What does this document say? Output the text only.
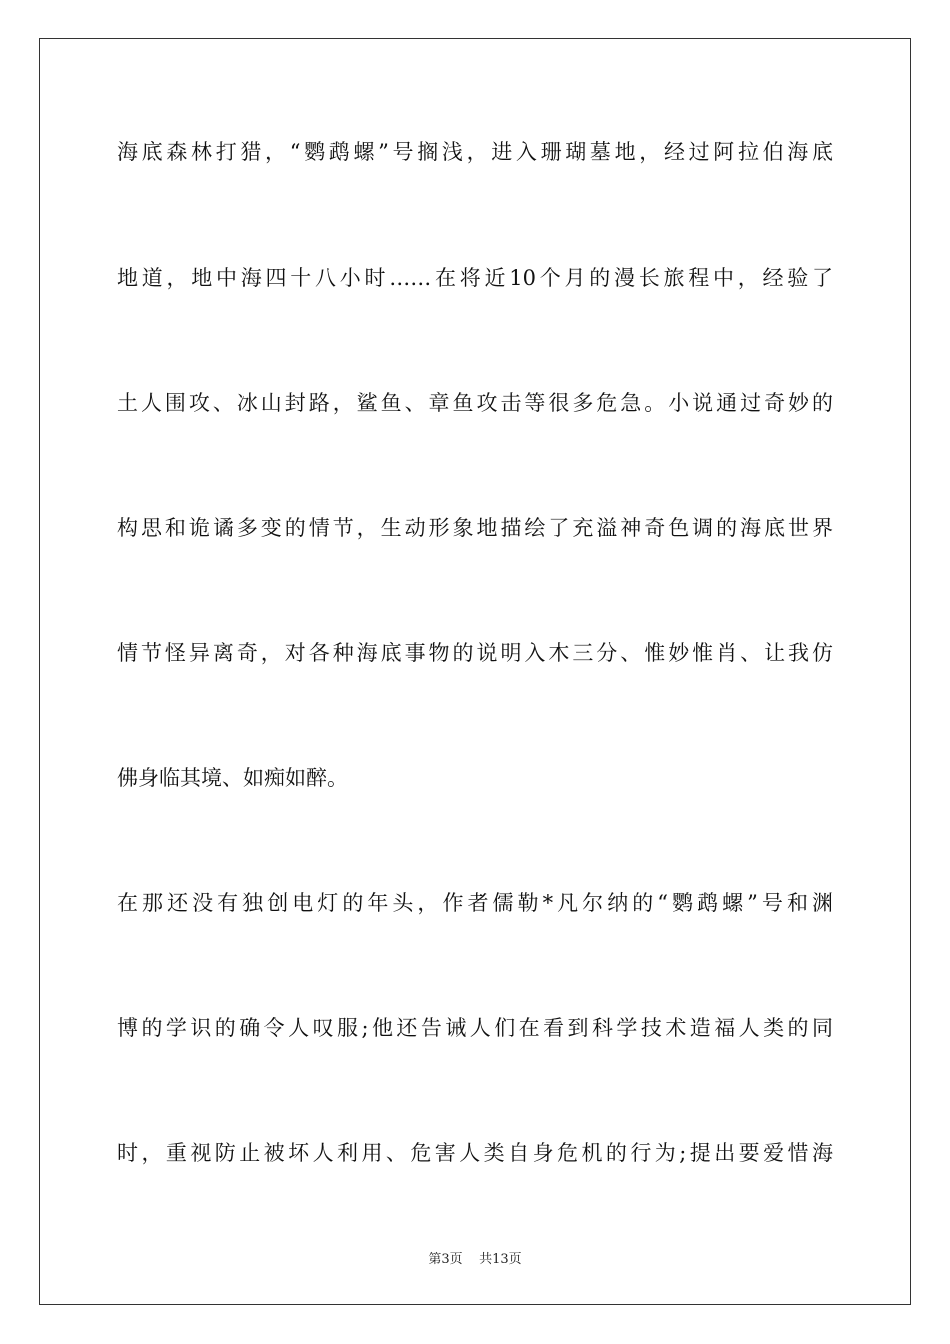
海底森林打猎，“鹦鹉螺”号搁浅，进入珊瑚墓地，经过阿拉伯海底
地道，地中海四十八小时……在将近10个月的漫长旅程中，经验了
土人围攻、冰山封路，鲨鱼、章鱼攻击等很多危急。小说通过奇妙的
构思和诡谲多变的情节，生动形象地描绘了充溢神奇色调的海底世界
情节怪异离奇，对各种海底事物的说明入木三分、惟妙惟肖、让我仿
佛身临其境、如痴如醉。
在那还没有独创电灯的年头，作者儒勒*凡尔纳的“鹦鹉螺”号和渊
博的学识的确令人叹服;他还告诫人们在看到科学技术造福人类的同
时，重视防止被坏人利用、危害人类自身危机的行为;提出要爱惜海
第3页 共13页
